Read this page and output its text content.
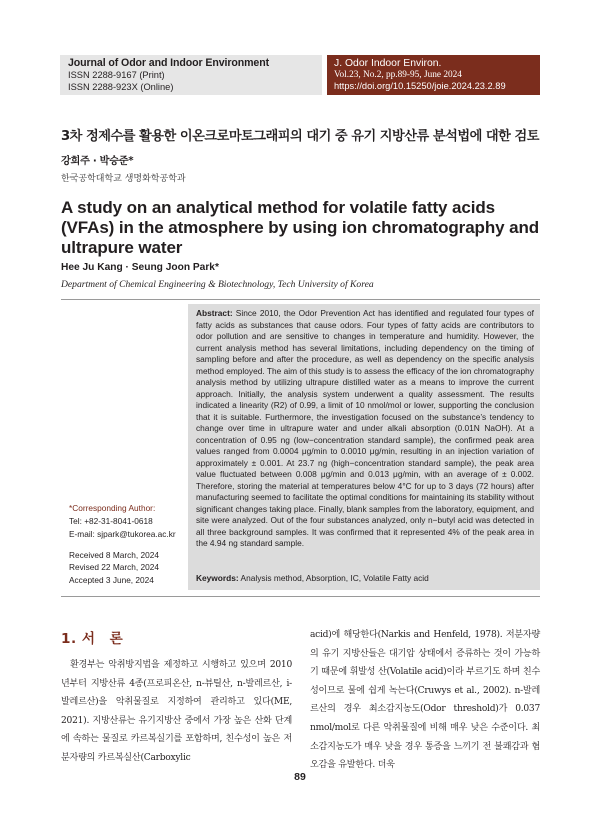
Journal of Odor and Indoor Environment
ISSN 2288-9167 (Print)
ISSN 2288-923X (Online)
J. Odor Indoor Environ.
Vol.23, No.2, pp.89-95, June 2024
https://doi.org/10.15250/joie.2024.23.2.89
3차 정제수를 활용한 이온크로마토그래피의 대기 중 유기 지방산류 분석법에 대한 검토
강희주 · 박승준*
한국공학대학교 생명화학공학과
A study on an analytical method for volatile fatty acids (VFAs) in the atmosphere by using ion chromatography and ultrapure water
Hee Ju Kang · Seung Joon Park*
Department of Chemical Engineering & Biotechnology, Tech University of Korea
Abstract: Since 2010, the Odor Prevention Act has identified and regulated four types of fatty acids as substances that cause odors. Four types of fatty acids are contributors to odor pollution and are sensitive to changes in temperature and humidity. However, the current analysis method has several limitations, including dependency on the timing of sampling before and after the procedure, as well as dependency on the specific analysis method employed. The aim of this study is to assess the efficacy of the ion chromatography analysis method by utilizing ultrapure distilled water as a means to improve the current approach. Initially, the analysis system underwent a quality assessment. The results indicated a linearity (R2) of 0.99, a limit of 10 nmol/mol or lower, supporting the conclusion that it is suitable. Furthermore, the investigation focused on the substance’s tendency to change over time in ultrapure water and under alkali absorption (0.01N NaOH). At a concentration of 0.95 ng (low−concentration standard sample), the confirmed peak area values ranged from 0.0004 μg/min to 0.0010 μg/min, resulting in an injection variation of approximately ± 0.001. At 23.7 ng (high−concentration standard sample), the peak area value fluctuated between 0.008 μg/min and 0.013 μg/min, with an average of ± 0.002. Therefore, storing the material at temperatures below 4°C for up to 3 days (72 hours) after manufacturing seemed to facilitate the optimal conditions for maintaining its stability without significant changes taking place. Finally, blank samples from the laboratory, equipment, and site were analyzed. Out of the four substances analyzed, only n−butyl acid was detected in all three background samples. It was confirmed that it represented 4% of the peak area in the 4.94 ng standard sample.
Keywords: Analysis method, Absorption, IC, Volatile Fatty acid
*Corresponding Author:
Tel: +82-31-8041-0618
E-mail: sjpark@tukorea.ac.kr
Received 8 March, 2024
Revised 22 March, 2024
Accepted 3 June, 2024
1. 서　론

환경부는 악취방지법을 제정하고 시행하고 있으며 2010년부터 지방산류 4종(프로피온산, n-뷰틸산, n-발레르산, i-발레르산)을 악취물질로 지정하여 관리하고 있다(ME, 2021). 지방산류는 유기지방산 중에서 가장 높은 산화 단계에 속하는 물질로 카르복실기를 포함하며, 친수성이 높은 저분자량의 카르복실산(Carboxylic

acid)에 해당한다(Narkis and Henfeld, 1978). 저분자량의 유기 지방산들은 대기압 상태에서 증류하는 것이 가능하기 때문에 휘발성 산(Volatile acid)이라 부르기도 하며 친수성이므로 물에 쉽게 녹는다(Cruwys et al., 2002). n-발레르산의 경우 최소감지농도(Odor threshold)가 0.037 nmol/mol로 다른 악취물질에 비해 매우 낮은 수준이다. 최소감지농도가 매우 낮을 경우 통증을 느끼기 전 불쾌감과 혐오감을 유발한다. 더욱

89
